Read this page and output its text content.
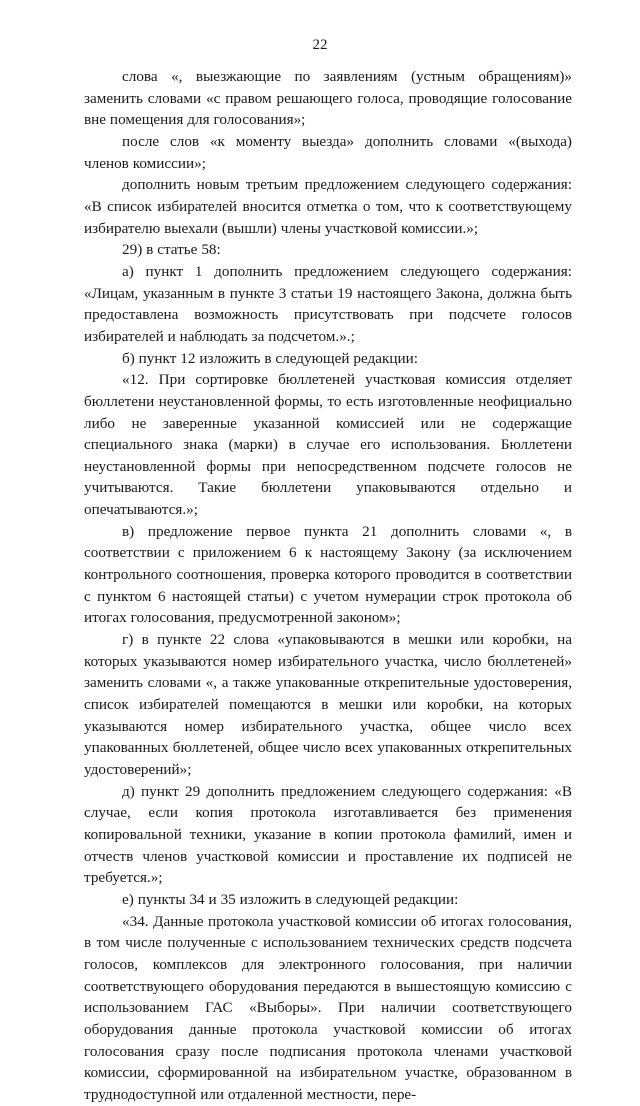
22

слова «, выезжающие по заявлениям (устным обращениям)» заменить словами «с правом решающего голоса, проводящие голосование вне помещения для голосования»;

после слов «к моменту выезда» дополнить словами «(выхода) членов комиссии»;

дополнить новым третьим предложением следующего содержания: «В список избирателей вносится отметка о том, что к соответствующему избирателю выехали (вышли) члены участковой комиссии.»;

29) в статье 58:

а) пункт 1 дополнить предложением следующего содержания: «Лицам, указанным в пункте 3 статьи 19 настоящего Закона, должна быть предоставлена возможность присутствовать при подсчете голосов избирателей и наблюдать за подсчетом.».;

б) пункт 12 изложить в следующей редакции:

«12. При сортировке бюллетеней участковая комиссия отделяет бюллетени неустановленной формы, то есть изготовленные неофициально либо не заверенные указанной комиссией или не содержащие специального знака (марки) в случае его использования. Бюллетени неустановленной формы при непосредственном подсчете голосов не учитываются. Такие бюллетени упаковываются отдельно и опечатываются.»;

в) предложение первое пункта 21 дополнить словами «, в соответствии с приложением 6 к настоящему Закону (за исключением контрольного соотношения, проверка которого проводится в соответствии с пунктом 6 настоящей статьи) с учетом нумерации строк протокола об итогах голосования, предусмотренной законом»;

г) в пункте 22 слова «упаковываются в мешки или коробки, на которых указываются номер избирательного участка, число бюллетеней» заменить словами «, а также упакованные открепительные удостоверения, список избирателей помещаются в мешки или коробки, на которых указываются номер избирательного участка, общее число всех упакованных бюллетеней, общее число всех упакованных открепительных удостоверений»;

д) пункт 29 дополнить предложением следующего содержания: «В случае, если копия протокола изготавливается без применения копировальной техники, указание в копии протокола фамилий, имен и отчеств членов участковой комиссии и проставление их подписей не требуется.»;

е) пункты 34 и 35 изложить в следующей редакции:

«34. Данные протокола участковой комиссии об итогах голосования, в том числе полученные с использованием технических средств подсчета голосов, комплексов для электронного голосования, при наличии соответствующего оборудования передаются в вышестоящую комиссию с использованием ГАС «Выборы». При наличии соответствующего оборудования данные протокола участковой комиссии об итогах голосования сразу после подписания протокола членами участковой комиссии, сформированной на избирательном участке, образованном в труднодоступной или отдаленной местности, пере-
